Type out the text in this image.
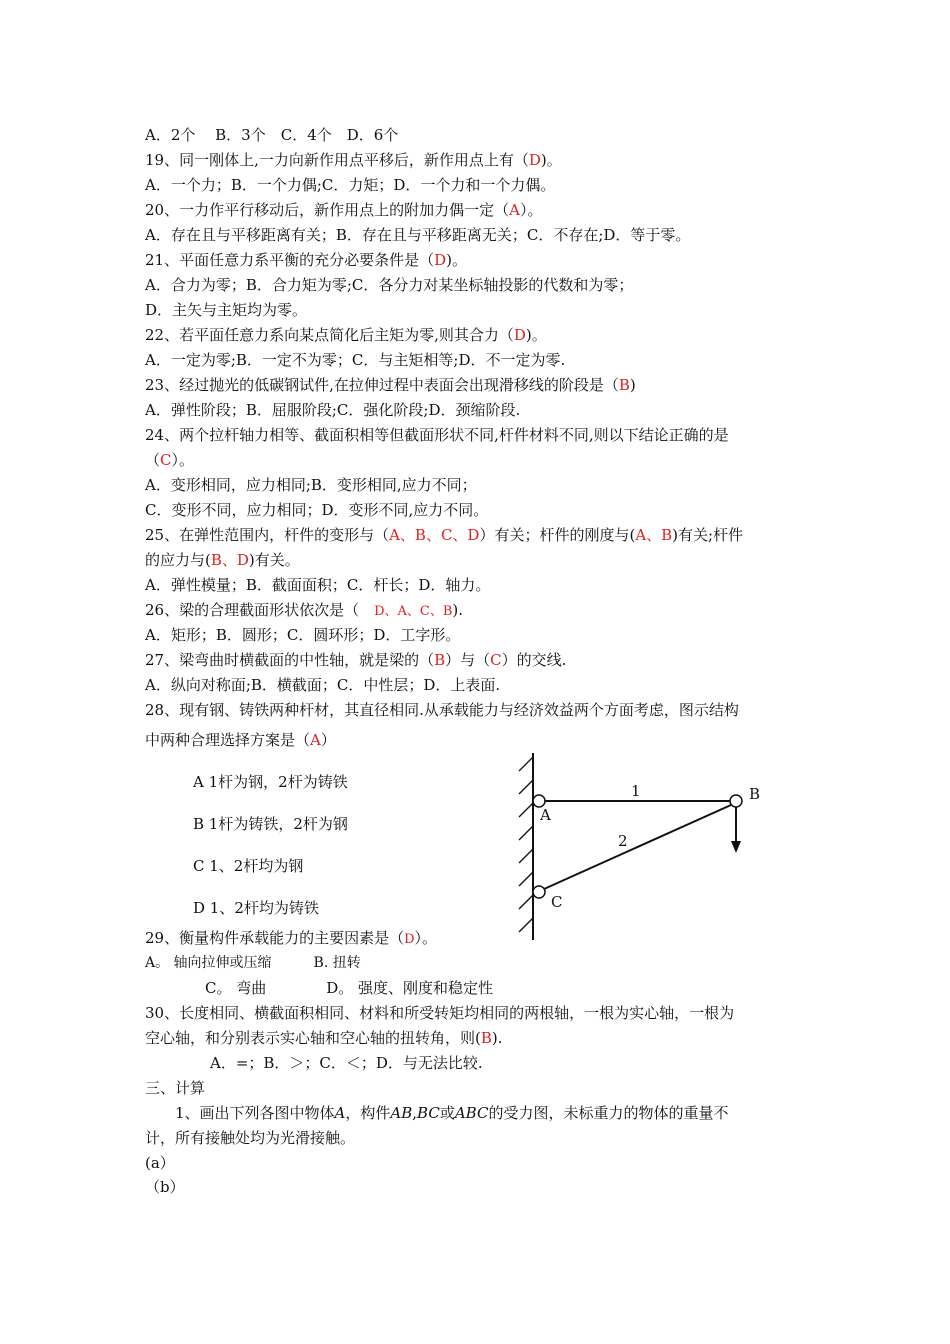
A．2个　 B．3个　C．4个　D．6个
19、同一刚体上,一力向新作用点平移后，新作用点上有（D)。
A．一个力；B．一个力偶;C．力矩；D．一个力和一个力偶。
20、一力作平行移动后，新作用点上的附加力偶一定（A）。
A．存在且与平移距离有关；B．存在且与平移距离无关；C．不存在;D．等于零。
21、平面任意力系平衡的充分必要条件是（D)。
A．合力为零；B．合力矩为零;C．各分力对某坐标轴投影的代数和为零；
D．主矢与主矩均为零。
22、若平面任意力系向某点简化后主矩为零,则其合力（D)。
A．一定为零;B．一定不为零；C．与主矩相等;D．不一定为零.
23、经过抛光的低碳钢试件,在拉伸过程中表面会出现滑移线的阶段是（B)
A．弹性阶段；B．屈服阶段;C．强化阶段;D．颈缩阶段.
24、两个拉杆轴力相等、截面积相等但截面形状不同,杆件材料不同,则以下结论正确的是
（C）。
A．变形相同，应力相同;B．变形相同,应力不同；
C．变形不同，应力相同；D．变形不同,应力不同。
25、在弹性范围内，杆件的变形与（A、B、C、D）有关；杆件的刚度与(A、B)有关;杆件
的应力与(B、D)有关。
A．弹性模量；B．截面面积；C．杆长；D．轴力。
26、梁的合理截面形状依次是（　D、A、C、B).
A．矩形；B．圆形；C．圆环形；D．工字形。
27、梁弯曲时横截面的中性轴，就是梁的（B）与（C）的交线.
A．纵向对称面;B．横截面；C．中性层；D．上表面.
28、现有钢、铸铁两种杆材，其直径相同.从承载能力与经济效益两个方面考虑，图示结构
中两种合理选择方案是（A）
A 1杆为钢，2杆为铸铁
B 1杆为铸铁，2杆为钢
C 1、2杆均为钢
D 1、2杆均为铸铁
1
2
A
B
C
29、衡量构件承载能力的主要因素是（D）。
A。 轴向拉伸或压缩　　　B. 扭转
C。 弯曲　　　　D。 强度、刚度和稳定性
30、长度相同、横截面积相同、材料和所受转矩均相同的两根轴，一根为实心轴，一根为
空心轴，和分别表示实心轴和空心轴的扭转角，则(B).
A．=；B．＞；C．＜；D．与无法比较.
三、计算
1、画出下列各图中物体A，构件AB,BC或ABC的受力图，未标重力的物体的重量不
计，所有接触处均为光滑接触。
(a）
（b）
